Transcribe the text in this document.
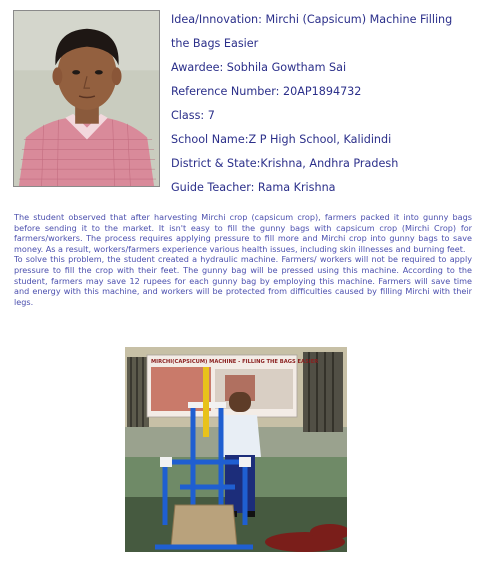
Idea/Innovation: Mirchi (Capsicum) Machine Filling
the Bags Easier
Awardee: Sobhila Gowtham Sai
Reference Number: 20AP1894732
Class: 7
School Name:Z P High School, Kalidindi
District & State:Krishna, Andhra Pradesh
Guide Teacher: Rama Krishna

The student observed that after harvesting Mirchi crop (capsicum crop), farmers packed it into gunny bags before sending it to the market. It isn't easy to fill the gunny bags with capsicum crop (Mirchi Crop) for farmers/workers. The process requires applying pressure to fill more and Mirchi crop into gunny bags to save money. As a result, workers/farmers experience various health issues, including skin illnesses and burning feet.

To solve this problem, the student created a hydraulic machine. Farmers/ workers will not be required to apply pressure to fill the crop with their feet. The gunny bag will be pressed using this machine. According to the student, farmers may save 12 rupees for each gunny bag by employing this machine. Farmers will save time and energy with this machine, and workers will be protected from difficulties caused by filling Mirchi with their legs.

MIRCHI(CAPSICUM) MACHINE - FILLING THE BAGS EASIER
